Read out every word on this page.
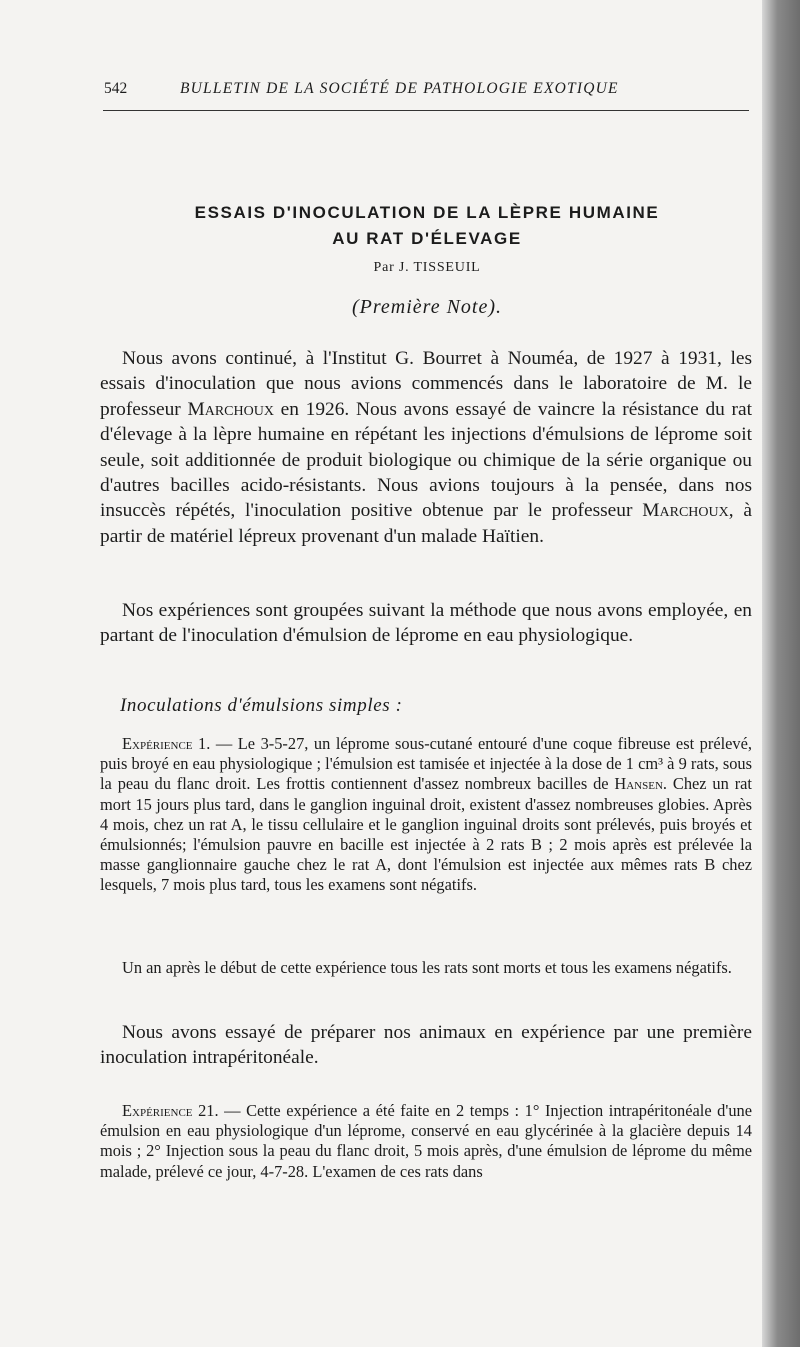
542	BULLETIN DE LA SOCIÉTÉ DE PATHOLOGIE EXOTIQUE
ESSAIS D'INOCULATION DE LA LÈPRE HUMAINE
AU RAT D'ÉLEVAGE
Par J. TISSEUIL
(Première Note).
Nous avons continué, à l'Institut G. Bourret à Nouméa, de 1927 à 1931, les essais d'inoculation que nous avions commencés dans le laboratoire de M. le professeur Marchoux en 1926. Nous avons essayé de vaincre la résistance du rat d'élevage à la lèpre humaine en répétant les injections d'émulsions de léprome soit seule, soit additionnée de produit biologique ou chimique de la série organique ou d'autres bacilles acido-résistants. Nous avions toujours à la pensée, dans nos insuccès répétés, l'inoculation positive obtenue par le professeur Marchoux, à partir de matériel lépreux provenant d'un malade Haïtien.
Nos expériences sont groupées suivant la méthode que nous avons employée, en partant de l'inoculation d'émulsion de léprome en eau physiologique.
Inoculations d'émulsions simples :
Expérience 1. — Le 3-5-27, un léprome sous-cutané entouré d'une coque fibreuse est prélevé, puis broyé en eau physiologique ; l'émulsion est tamisée et injectée à la dose de 1 cm³ à 9 rats, sous la peau du flanc droit. Les frottis contiennent d'assez nombreux bacilles de Hansen. Chez un rat mort 15 jours plus tard, dans le ganglion inguinal droit, existent d'assez nombreuses globies. Après 4 mois, chez un rat A, le tissu cellulaire et le ganglion inguinal droits sont prélevés, puis broyés et émulsionnés; l'émulsion pauvre en bacille est injectée à 2 rats B ; 2 mois après est prélevée la masse ganglionnaire gauche chez le rat A, dont l'émulsion est injectée aux mêmes rats B chez lesquels, 7 mois plus tard, tous les examens sont négatifs.
Un an après le début de cette expérience tous les rats sont morts et tous les examens négatifs.
Nous avons essayé de préparer nos animaux en expérience par une première inoculation intrapéritonéale.
Expérience 21. — Cette expérience a été faite en 2 temps : 1° Injection intrapéritonéale d'une émulsion en eau physiologique d'un léprome, conservé en eau glycérinée à la glacière depuis 14 mois ; 2° Injection sous la peau du flanc droit, 5 mois après, d'une émulsion de léprome du même malade, prélevé ce jour, 4-7-28. L'examen de ces rats dans
